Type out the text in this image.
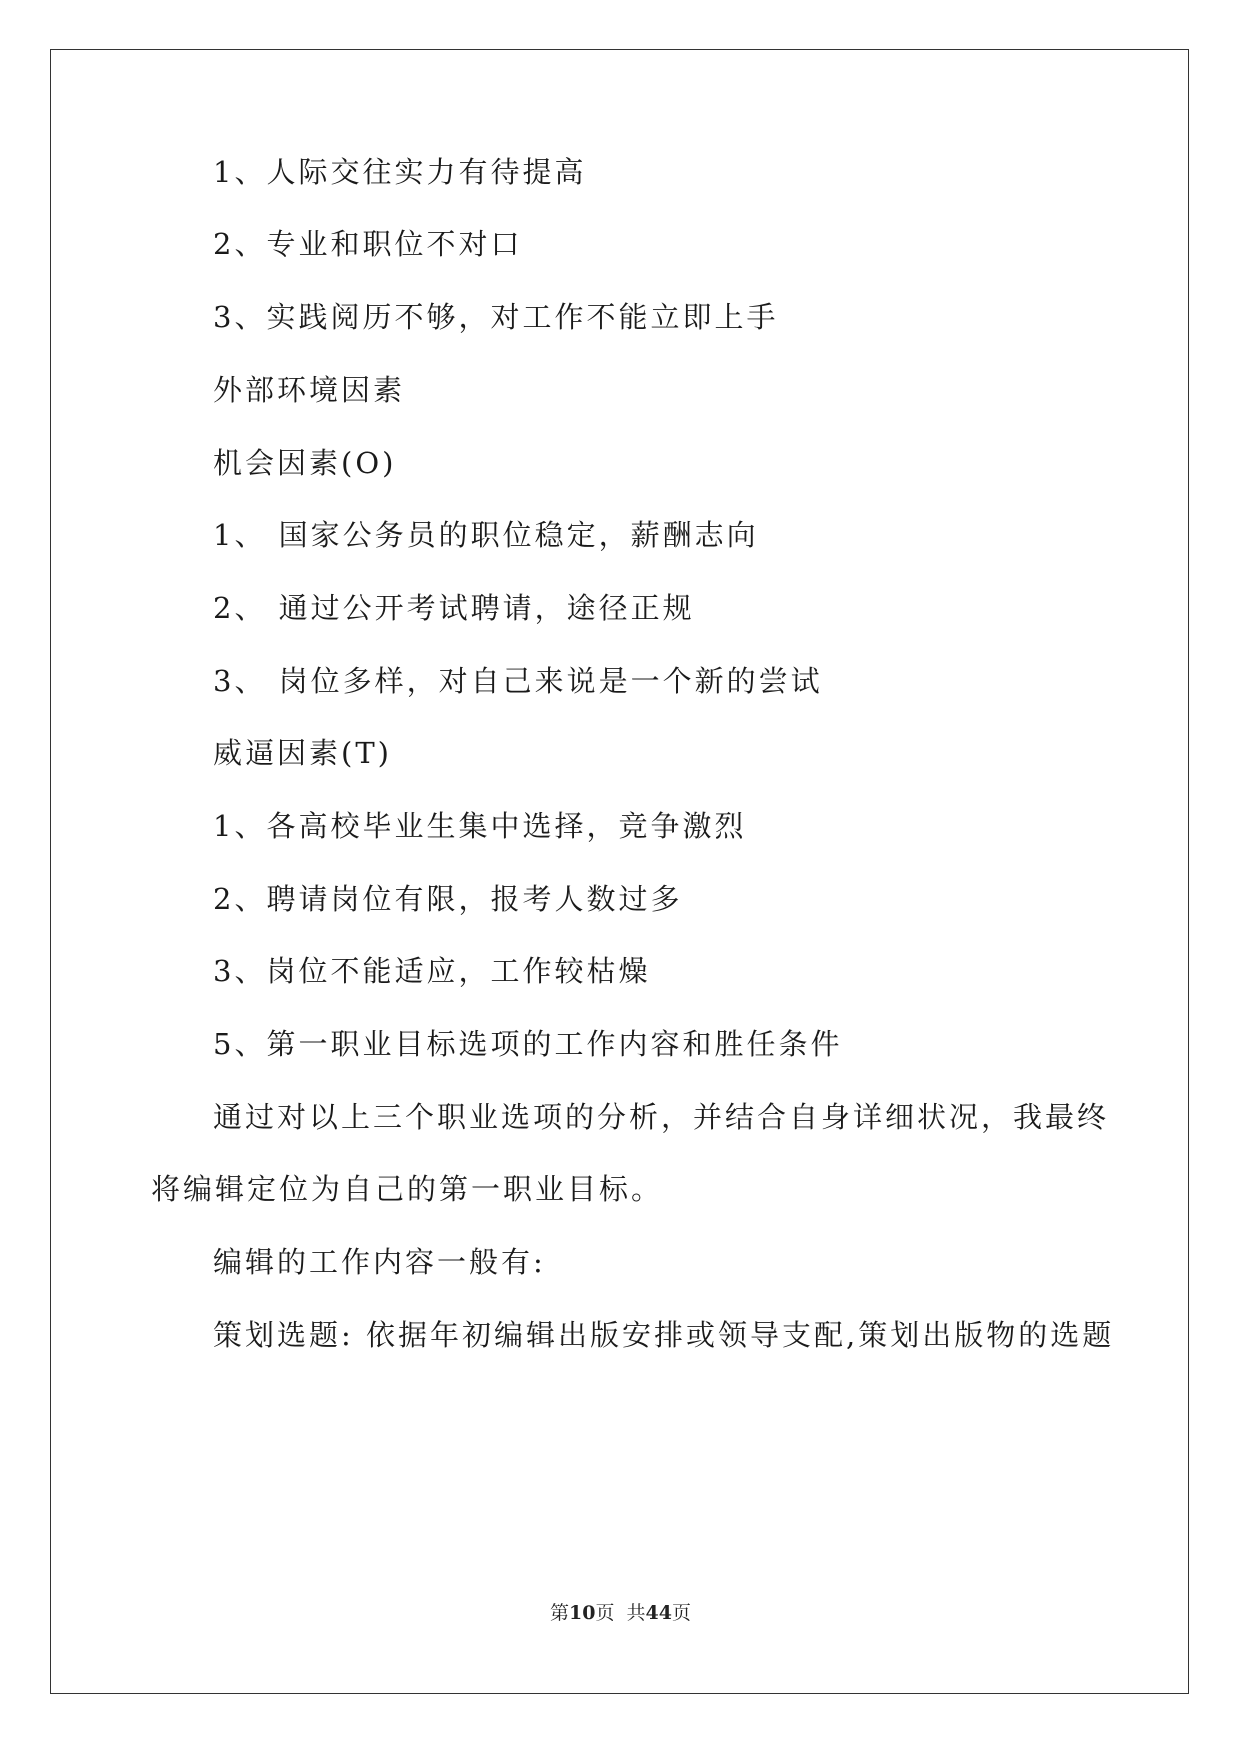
1、人际交往实力有待提高
2、专业和职位不对口
3、实践阅历不够，对工作不能立即上手
外部环境因素
机会因素(O)
1、 国家公务员的职位稳定，薪酬志向
2、 通过公开考试聘请，途径正规
3、 岗位多样，对自己来说是一个新的尝试
威逼因素(T)
1、各高校毕业生集中选择，竞争激烈
2、聘请岗位有限，报考人数过多
3、岗位不能适应，工作较枯燥
5、第一职业目标选项的工作内容和胜任条件
通过对以上三个职业选项的分析，并结合自身详细状况，我最终
将编辑定位为自己的第一职业目标。
编辑的工作内容一般有:
策划选题: 依据年初编辑出版安排或领导支配,策划出版物的选题
第10页  共44页
